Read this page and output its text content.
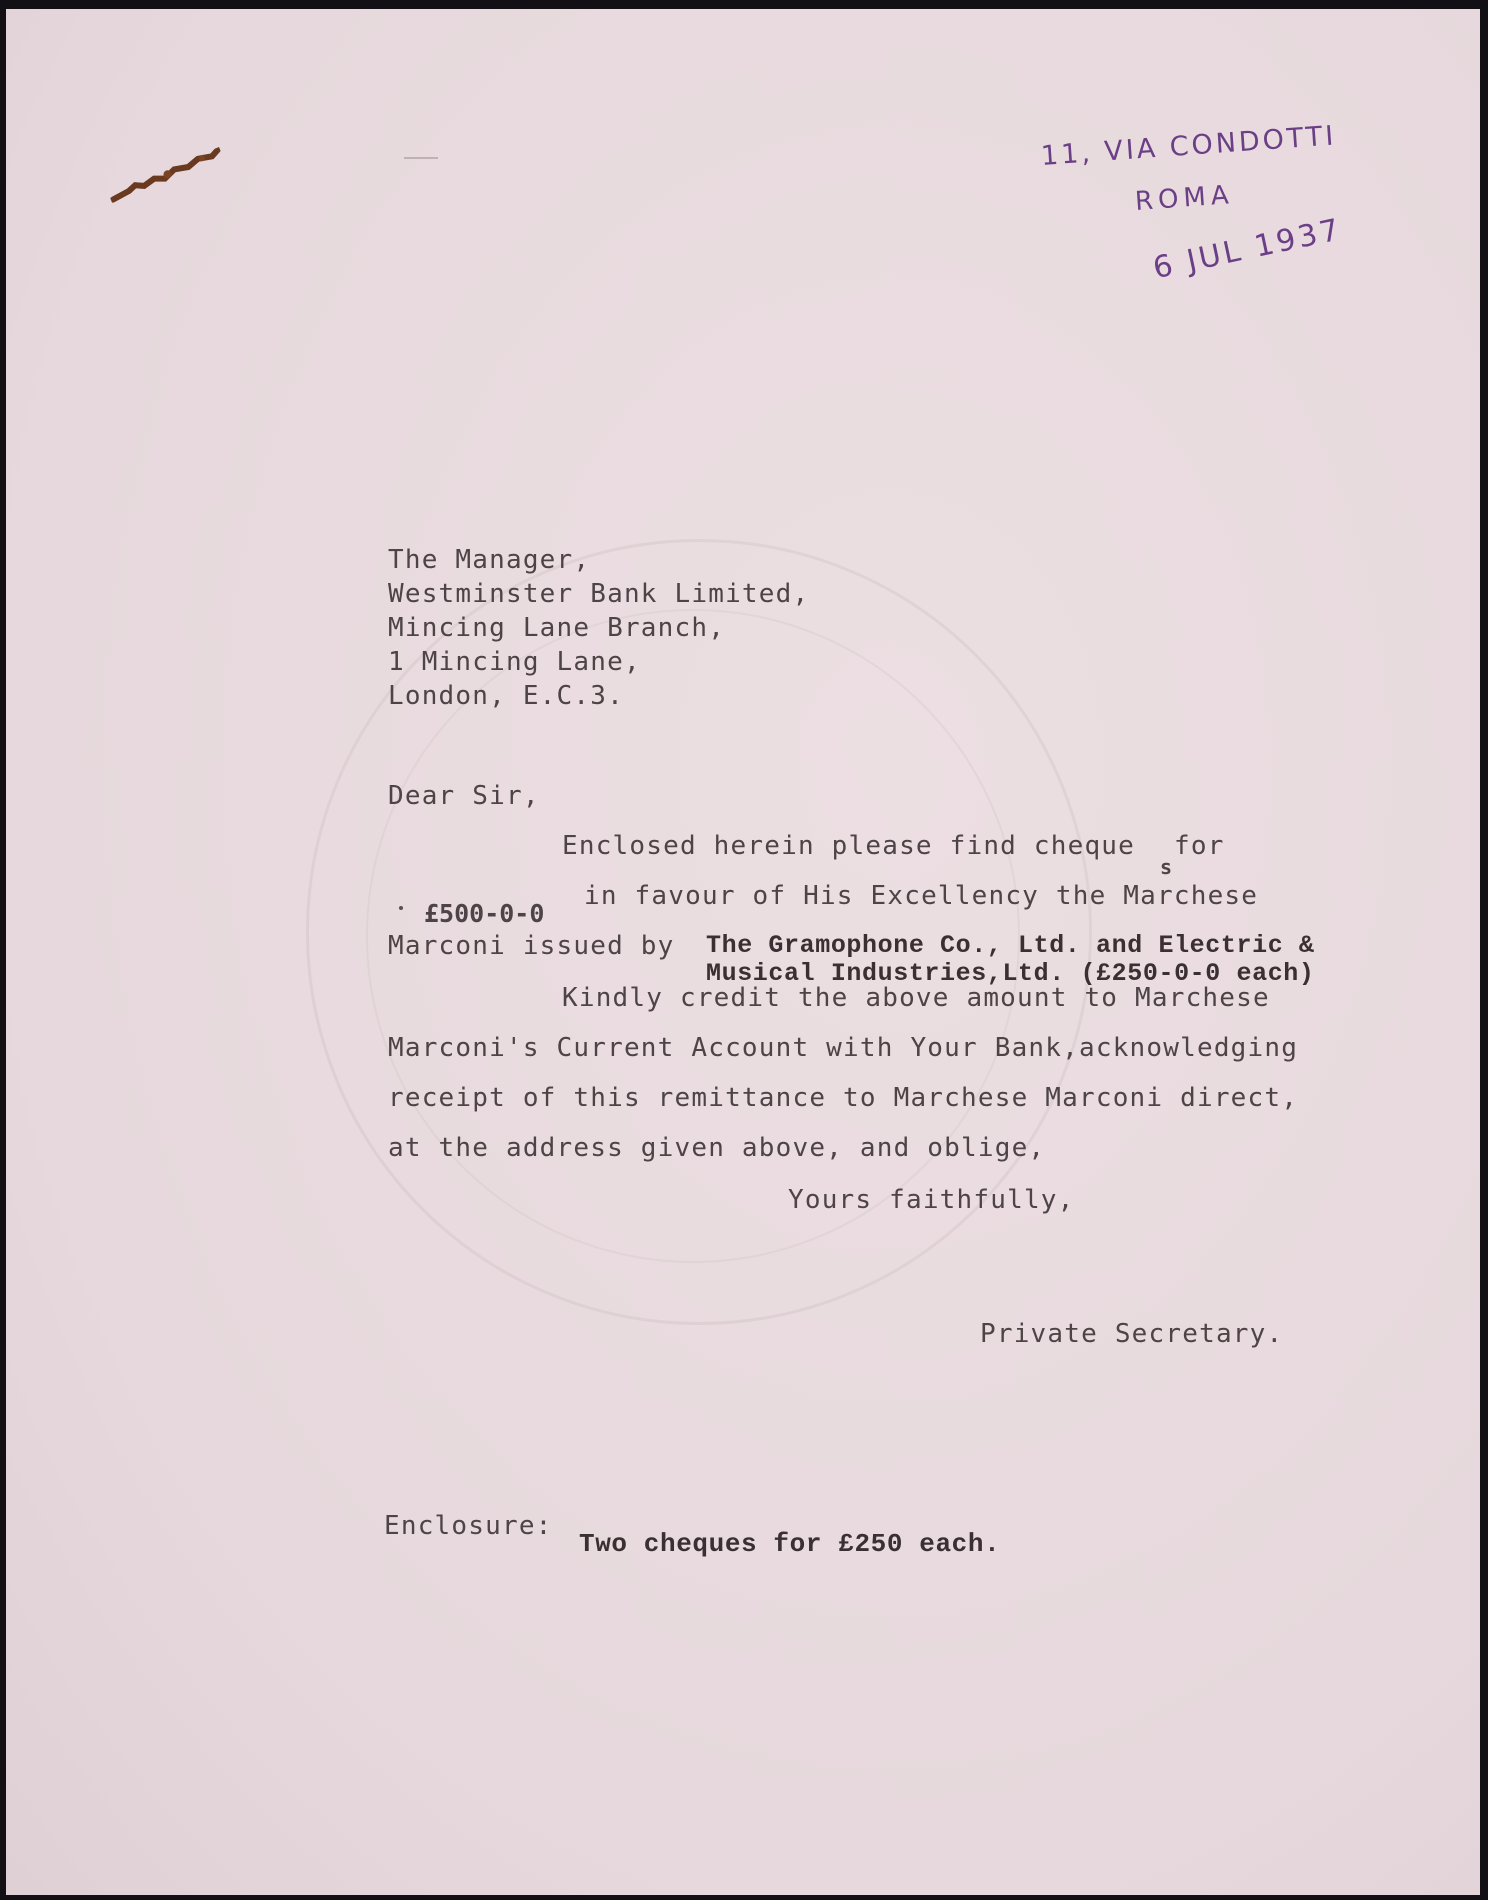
11, VIA CONDOTTI
ROMA
6 JUL 1937
The Manager,
Westminster Bank Limited,
Mincing Lane Branch,
1 Mincing Lane,
London, E.C.3.
Dear Sir,
Enclosed herein please find cheque
s
for
£500-0-0
in favour of His Excellency the Marchese
Marconi issued by The Gramophone Co., Ltd. and Electric &
Musical Industries,Ltd. (£250-0-0 each)
Kindly credit the above amount to Marchese
Marconi's Current Account with Your Bank,acknowledging
receipt of this remittance to Marchese Marconi direct,
at the address given above, and oblige,
Yours faithfully,
Private Secretary.
Enclosure:
Two cheques for £250 each.
